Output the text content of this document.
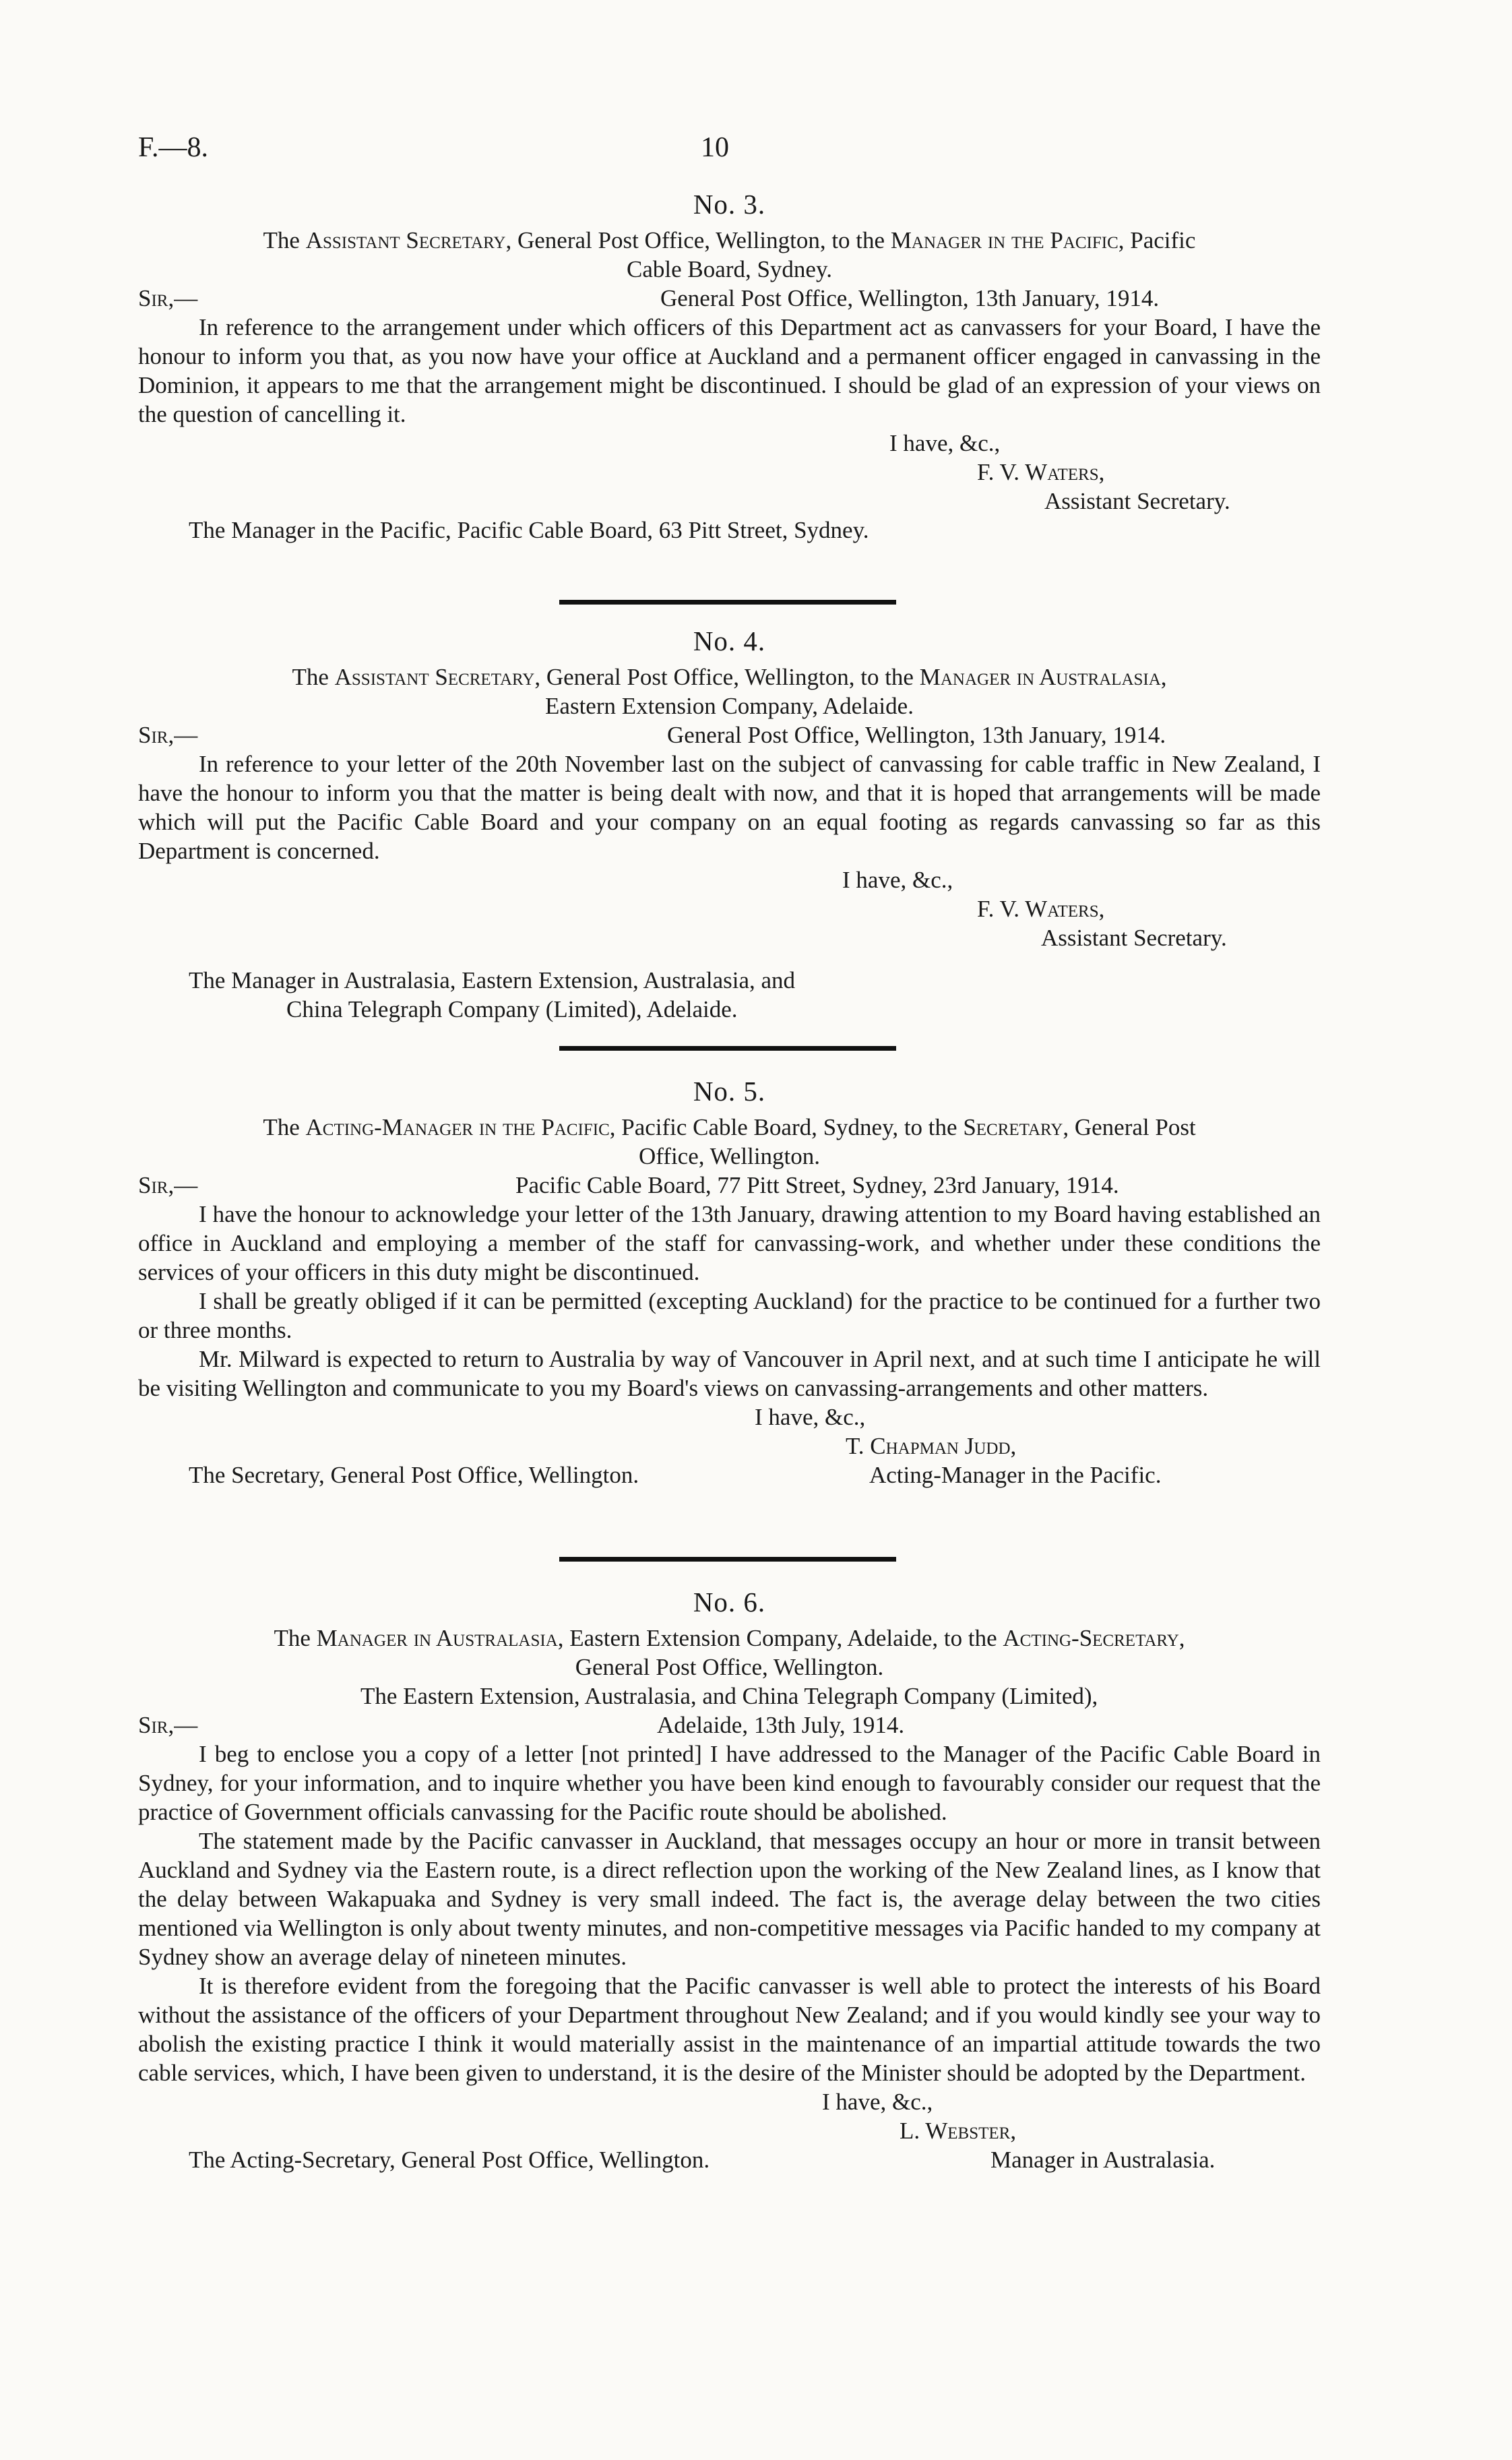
F.—8.	10
No. 3.
The Assistant Secretary, General Post Office, Wellington, to the Manager in the Pacific, Pacific
Cable Board, Sydney.
Sir,—	General Post Office, Wellington, 13th January, 1914.

In reference to the arrangement under which officers of this Department act as canvassers for your Board, I have the honour to inform you that, as you now have your office at Auckland and a permanent officer engaged in canvassing in the Dominion, it appears to me that the arrangement might be discontinued. I should be glad of an expression of your views on the question of cancelling it.

I have, &c.,
F. V. Waters,
Assistant Secretary.
The Manager in the Pacific, Pacific Cable Board, 63 Pitt Street, Sydney.
No. 4.
The Assistant Secretary, General Post Office, Wellington, to the Manager in Australasia,
Eastern Extension Company, Adelaide.
Sir,—	General Post Office, Wellington, 13th January, 1914.

In reference to your letter of the 20th November last on the subject of canvassing for cable traffic in New Zealand, I have the honour to inform you that the matter is being dealt with now, and that it is hoped that arrangements will be made which will put the Pacific Cable Board and your company on an equal footing as regards canvassing so far as this Department is concerned.

I have, &c.,
F. V. Waters,
Assistant Secretary.
The Manager in Australasia, Eastern Extension, Australasia, and
China Telegraph Company (Limited), Adelaide.
No. 5.
The Acting-Manager in the Pacific, Pacific Cable Board, Sydney, to the Secretary, General Post
Office, Wellington.
Sir,—	Pacific Cable Board, 77 Pitt Street, Sydney, 23rd January, 1914.

I have the honour to acknowledge your letter of the 13th January, drawing attention to my Board having established an office in Auckland and employing a member of the staff for canvassing-work, and whether under these conditions the services of your officers in this duty might be discontinued.

I shall be greatly obliged if it can be permitted (excepting Auckland) for the practice to be continued for a further two or three months.

Mr. Milward is expected to return to Australia by way of Vancouver in April next, and at such time I anticipate he will be visiting Wellington and communicate to you my Board's views on canvassing-arrangements and other matters.

I have, &c.,
T. Chapman Judd,
The Secretary, General Post Office, Wellington.	Acting-Manager in the Pacific.
No. 6.
The Manager in Australasia, Eastern Extension Company, Adelaide, to the Acting-Secretary,
General Post Office, Wellington.
The Eastern Extension, Australasia, and China Telegraph Company (Limited),
Sir,—	Adelaide, 13th July, 1914.

I beg to enclose you a copy of a letter [not printed] I have addressed to the Manager of the Pacific Cable Board in Sydney, for your information, and to inquire whether you have been kind enough to favourably consider our request that the practice of Government officials canvassing for the Pacific route should be abolished.

The statement made by the Pacific canvasser in Auckland, that messages occupy an hour or more in transit between Auckland and Sydney via the Eastern route, is a direct reflection upon the working of the New Zealand lines, as I know that the delay between Wakapuaka and Sydney is very small indeed. The fact is, the average delay between the two cities mentioned via Wellington is only about twenty minutes, and non-competitive messages via Pacific handed to my company at Sydney show an average delay of nineteen minutes.

It is therefore evident from the foregoing that the Pacific canvasser is well able to protect the interests of his Board without the assistance of the officers of your Department throughout New Zealand; and if you would kindly see your way to abolish the existing practice I think it would materially assist in the maintenance of an impartial attitude towards the two cable services, which, I have been given to understand, it is the desire of the Minister should be adopted by the Department.

I have, &c.,
L. Webster,
The Acting-Secretary, General Post Office, Wellington.	Manager in Australasia.
